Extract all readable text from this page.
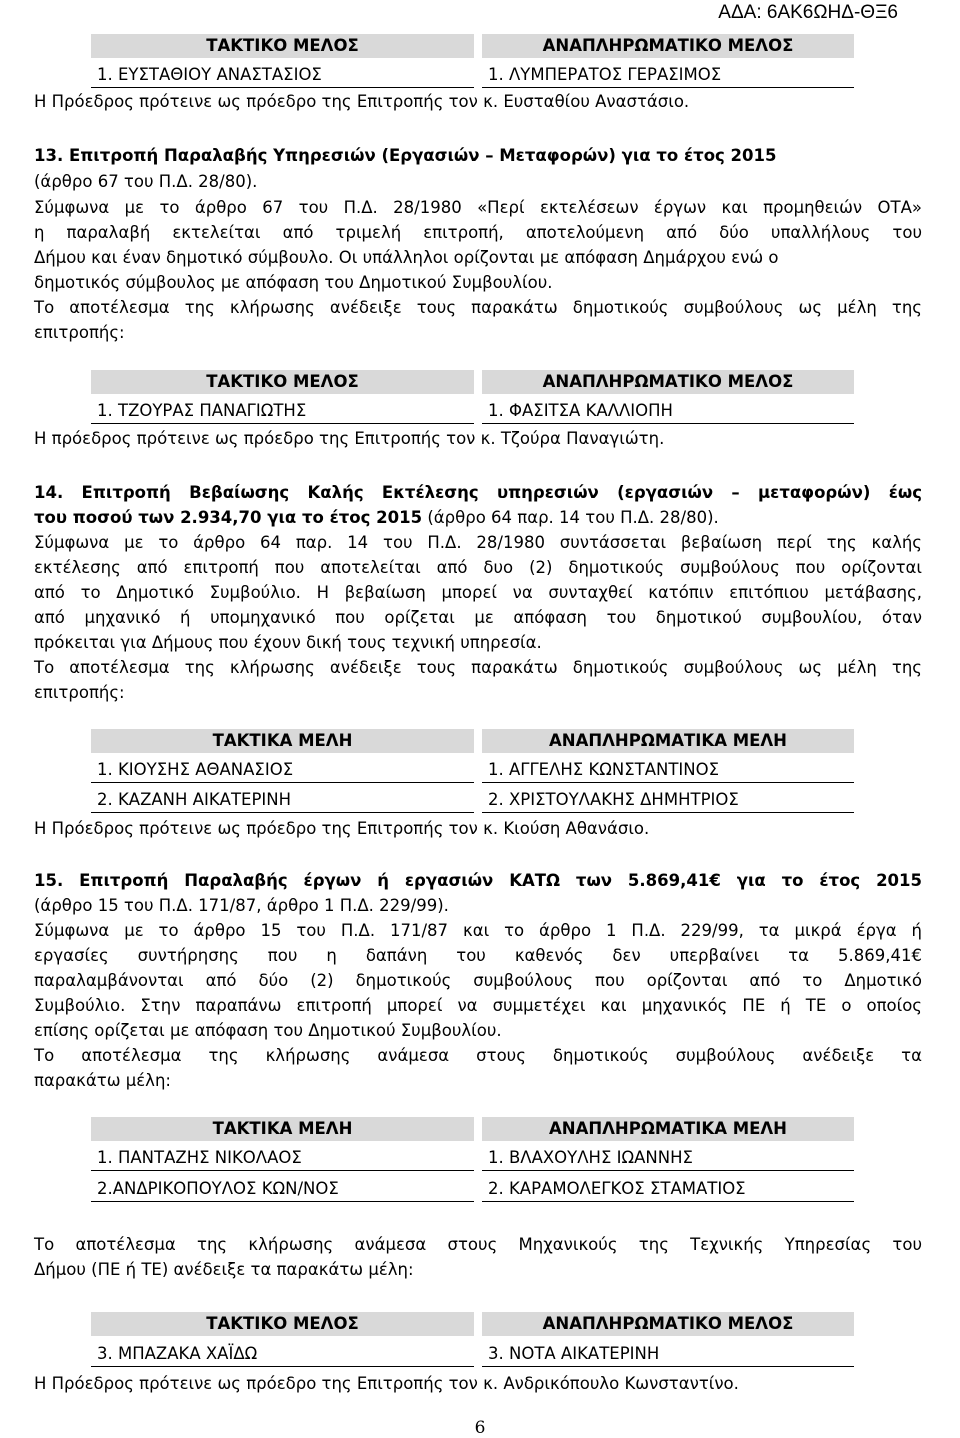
ΑΔΑ: 6ΑΚ6ΩΗΔ-ΘΞ6
ΤΑΚΤΙΚΟ ΜΕΛΟΣ	ΑΝΑΠΛΗΡΩΜΑΤΙΚΟ ΜΕΛΟΣ
1. ΕΥΣΤΑΘΙΟΥ ΑΝΑΣΤΑΣΙΟΣ	1. ΛΥΜΠΕΡΑΤΟΣ ΓΕΡΑΣΙΜΟΣ
Η Πρόεδρος πρότεινε ως πρόεδρο της Επιτροπής τον κ. Ευσταθίου Αναστάσιο.
13. Επιτροπή Παραλαβής Υπηρεσιών (Εργασιών – Μεταφορών) για το έτος 2015
(άρθρο 67 του Π.Δ. 28/80).
Σύμφωνα με το άρθρο 67 του Π.Δ. 28/1980 «Περί εκτελέσεων έργων και προμηθειών ΟΤΑ»
η παραλαβή εκτελείται από τριμελή επιτροπή, αποτελούμενη από δύο υπαλλήλους του
Δήμου και έναν δημοτικό σύμβουλο. Οι υπάλληλοι ορίζονται με απόφαση Δημάρχου ενώ ο
δημοτικός σύμβουλος με απόφαση του Δημοτικού Συμβουλίου.
Το αποτέλεσμα της κλήρωσης ανέδειξε τους παρακάτω δημοτικούς συμβούλους ως μέλη της
επιτροπής:
ΤΑΚΤΙΚΟ ΜΕΛΟΣ	ΑΝΑΠΛΗΡΩΜΑΤΙΚΟ ΜΕΛΟΣ
1. ΤΖΟΥΡΑΣ ΠΑΝΑΓΙΩΤΗΣ	1. ΦΑΣΙΤΣΑ ΚΑΛΛΙΟΠΗ
Η πρόεδρος πρότεινε ως πρόεδρο της Επιτροπής τον κ. Τζούρα Παναγιώτη.
14. Επιτροπή Βεβαίωσης Καλής Εκτέλεσης υπηρεσιών (εργασιών – μεταφορών) έως
του ποσού των 2.934,70 για το έτος 2015 (άρθρο 64 παρ. 14 του Π.Δ. 28/80).
Σύμφωνα με το άρθρο 64 παρ. 14 του Π.Δ. 28/1980 συντάσσεται βεβαίωση περί της καλής
εκτέλεσης από επιτροπή που αποτελείται από δυο (2) δημοτικούς συμβούλους που ορίζονται
από το Δημοτικό Συμβούλιο. Η βεβαίωση μπορεί να συνταχθεί κατόπιν επιτόπιου μετάβασης,
από μηχανικό ή υπομηχανικό που ορίζεται με απόφαση του δημοτικού συμβουλίου, όταν
πρόκειται για Δήμους που έχουν δική τους τεχνική υπηρεσία.
Το αποτέλεσμα της κλήρωσης ανέδειξε τους παρακάτω δημοτικούς συμβούλους ως μέλη της
επιτροπής:
ΤΑΚΤΙΚΑ ΜΕΛΗ	ΑΝΑΠΛΗΡΩΜΑΤΙΚΑ ΜΕΛΗ
1. ΚΙΟΥΣΗΣ ΑΘΑΝΑΣΙΟΣ	1. ΑΓΓΕΛΗΣ ΚΩΝΣΤΑΝΤΙΝΟΣ
2. ΚΑΖΑΝΗ ΑΙΚΑΤΕΡΙΝΗ	2. ΧΡΙΣΤΟΥΛΑΚΗΣ ΔΗΜΗΤΡΙΟΣ
Η Πρόεδρος πρότεινε ως πρόεδρο της Επιτροπής τον κ. Κιούση Αθανάσιο.
15. Επιτροπή Παραλαβής έργων ή εργασιών ΚΑΤΩ των 5.869,41€ για το έτος 2015
(άρθρο 15 του Π.Δ. 171/87, άρθρο 1 Π.Δ. 229/99).
Σύμφωνα με το άρθρο 15 του Π.Δ. 171/87 και το άρθρο 1 Π.Δ. 229/99, τα μικρά έργα ή
εργασίες συντήρησης που η δαπάνη του καθενός δεν υπερβαίνει τα 5.869,41€
παραλαμβάνονται από δύο (2) δημοτικούς συμβούλους που ορίζονται από το Δημοτικό
Συμβούλιο. Στην παραπάνω επιτροπή μπορεί να συμμετέχει και μηχανικός ΠΕ ή ΤΕ ο οποίος
επίσης ορίζεται με απόφαση του Δημοτικού Συμβουλίου.
Το αποτέλεσμα της κλήρωσης ανάμεσα στους δημοτικούς συμβούλους ανέδειξε τα
παρακάτω μέλη:
ΤΑΚΤΙΚΑ ΜΕΛΗ	ΑΝΑΠΛΗΡΩΜΑΤΙΚΑ ΜΕΛΗ
1. ΠΑΝΤΑΖΗΣ ΝΙΚΟΛΑΟΣ	1. ΒΛΑΧΟΥΛΗΣ ΙΩΑΝΝΗΣ
2.ΑΝΔΡΙΚΟΠΟΥΛΟΣ ΚΩΝ/ΝΟΣ	2. ΚΑΡΑΜΟΛΕΓΚΟΣ ΣΤΑΜΑΤΙΟΣ
Το αποτέλεσμα της κλήρωσης ανάμεσα στους Μηχανικούς της Τεχνικής Υπηρεσίας του
Δήμου (ΠΕ ή ΤΕ) ανέδειξε τα παρακάτω μέλη:
ΤΑΚΤΙΚΟ ΜΕΛΟΣ	ΑΝΑΠΛΗΡΩΜΑΤΙΚΟ ΜΕΛΟΣ
3. ΜΠΑΖΑΚΑ ΧΑΪΔΩ	3. ΝΟΤΑ ΑΙΚΑΤΕΡΙΝΗ
Η Πρόεδρος πρότεινε ως πρόεδρο της Επιτροπής τον κ. Ανδρικόπουλο Κωνσταντίνο.
6
